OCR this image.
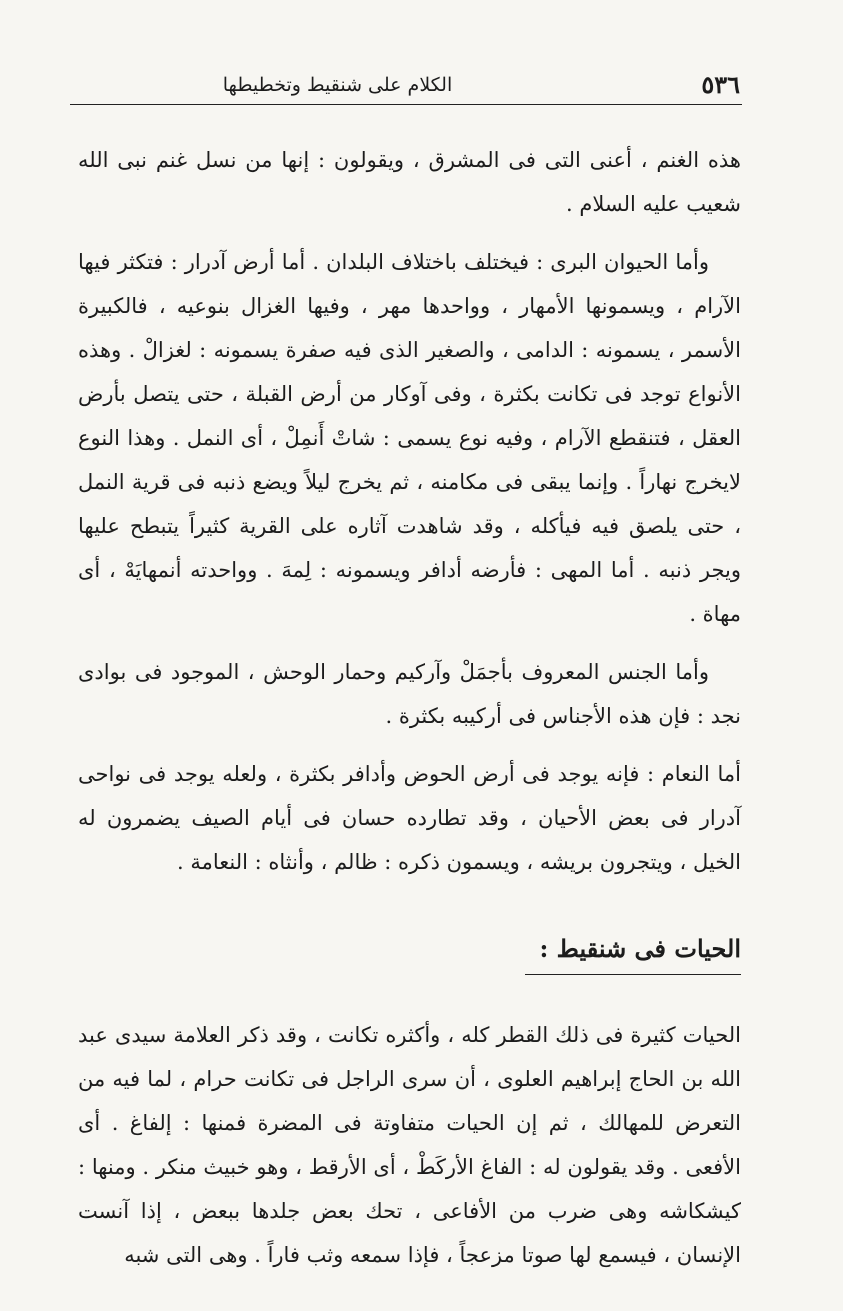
٥٣٦
الكلام على شنقيط وتخطيطها

هذه الغنم ، أعنى التى فى المشرق ، ويقولون : إنها من نسل غنم نبى الله شعيب عليه السلام .

وأما الحيوان البرى : فيختلف باختلاف البلدان . أما أرض آدرار : فتكثر فيها الآرام ، ويسمونها الأمهار ، وواحدها مهر ، وفيها الغزال بنوعيه ، فالكبيرة الأسمر ، يسمونه : الدامى ، والصغير الذى فيه صفرة يسمونه : لغزالْ . وهذه الأنواع توجد فى تكانت بكثرة ، وفى آوكار من أرض القبلة ، حتى يتصل بأرض العقل ، فتنقطع الآرام ، وفيه نوع يسمى : شاتْ أَنمِلْ ، أى النمل . وهذا النوع لايخرج نهاراً . وإنما يبقى فى مكامنه ، ثم يخرج ليلاً ويضع ذنبه فى قرية النمل ، حتى يلصق فيه فيأكله ، وقد شاهدت آثاره على القرية كثيراً يتبطح عليها ويجر ذنبه . أما المهى : فأرضه أدافر ويسمونه : لِمهَ . وواحدته أنمهايَهْ ، أى مهاة .

وأما الجنس المعروف بأجمَلْ وآركيم وحمار الوحش ، الموجود فى بوادى نجد : فإن هذه الأجناس فى أركيبه بكثرة .

أما النعام : فإنه يوجد فى أرض الحوض وأدافر بكثرة ، ولعله يوجد فى نواحى آدرار فى بعض الأحيان ، وقد تطارده حسان فى أيام الصيف يضمرون له الخيل ، ويتجرون بريشه ، ويسمون ذكره : ظالم ، وأنثاه : النعامة .

الحيات فى شنقيط :

الحيات كثيرة فى ذلك القطر كله ، وأكثره تكانت ، وقد ذكر العلامة سيدى عبد الله بن الحاج إبراهيم العلوى ، أن سرى الراجل فى تكانت حرام ، لما فيه من التعرض للمهالك ، ثم إن الحيات متفاوتة فى المضرة فمنها : إلفاغ . أى الأفعى . وقد يقولون له : الفاغ الأركَطْ ، أى الأرقط ، وهو خبيث منكر . ومنها : كيشكاشه وهى ضرب من الأفاعى ، تحك بعض جلدها ببعض ، إذا آنست الإنسان ، فيسمع لها صوتا مزعجاً ، فإذا سمعه وثب فاراً . وهى التى شبه
